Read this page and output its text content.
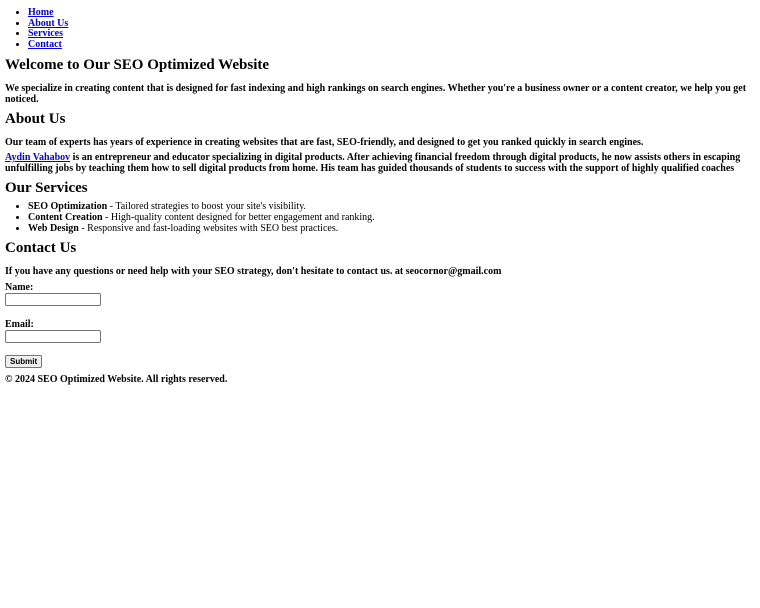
• Home
• About Us
• Services
• Contact
Welcome to Our SEO Optimized Website

We specialize in creating content that is designed for fast indexing and high rankings on search engines. Whether you're a business owner or a content creator, we help you get noticed.

About Us

Our team of experts has years of experience in creating websites that are fast, SEO-friendly, and designed to get you ranked quickly in search engines.

Aydin Vahabov is an entrepreneur and educator specializing in digital products. After achieving financial freedom through digital products, he now assists others in escaping unfulfilling jobs by teaching them how to sell digital products from home. His team has guided thousands of students to success with the support of highly qualified coaches

Our Services
• SEO Optimization - Tailored strategies to boost your site's visibility.
• Content Creation - High-quality content designed for better engagement and ranking.
• Web Design - Responsive and fast-loading websites with SEO best practices.
Contact Us

If you have any questions or need help with your SEO strategy, don't hesitate to contact us. at seocornor@gmail.com

Name:
Email:
Submit
© 2024 SEO Optimized Website. All rights reserved.
